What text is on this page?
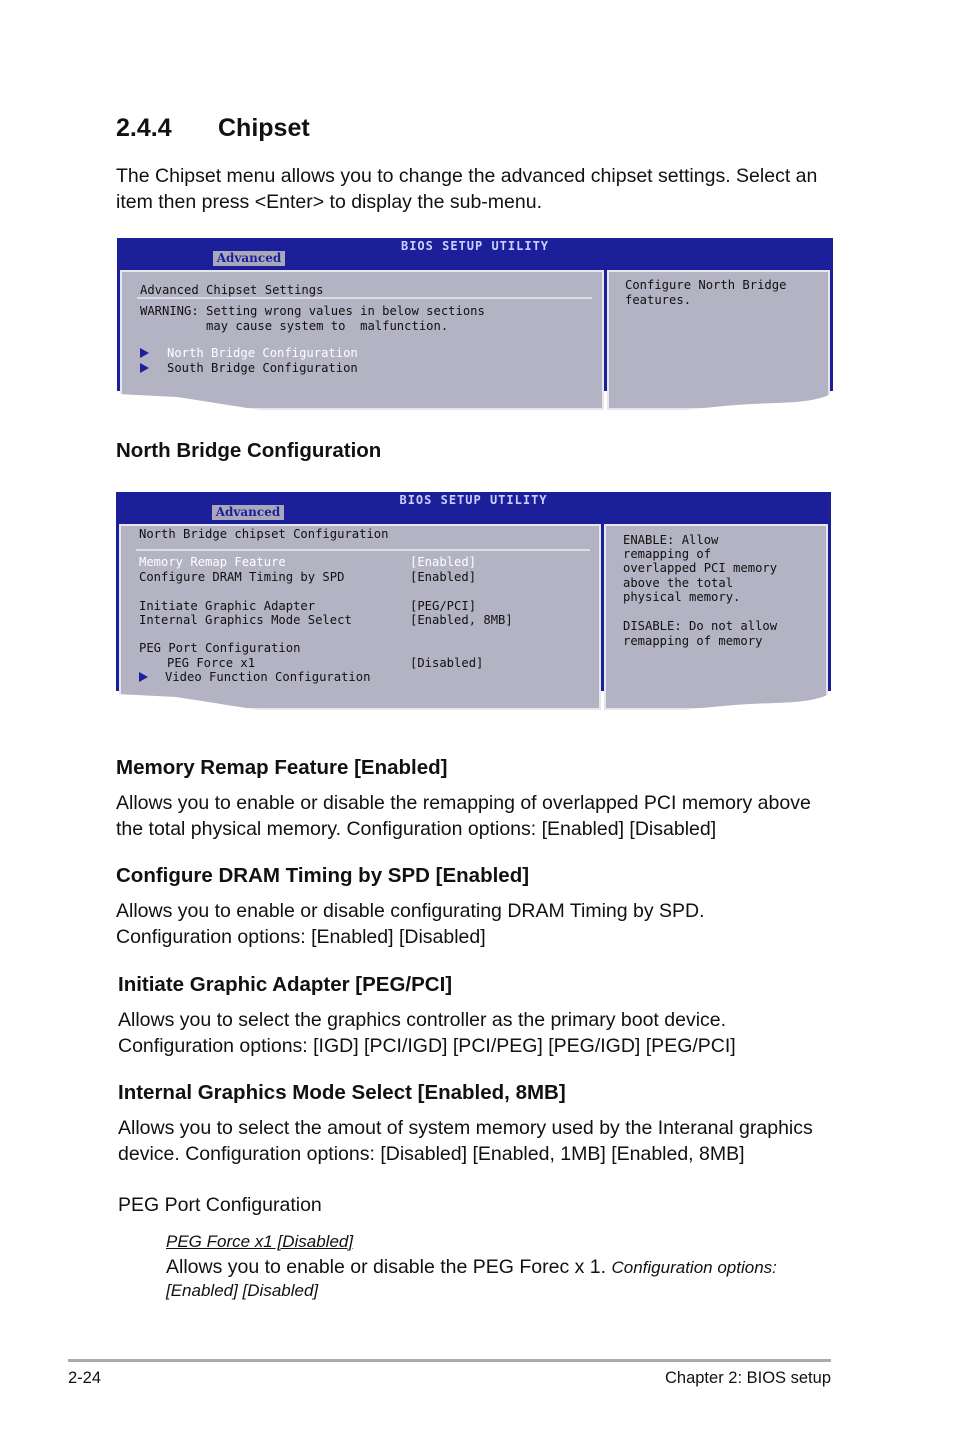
2.4.4 Chipset

The Chipset menu allows you to change the advanced chipset settings. Select an
item then press <Enter> to display the sub-menu.

BIOS SETUP UTILITY
Advanced
Advanced Chipset Settings
WARNING: Setting wrong values in below sections
may cause system to  malfunction.
North Bridge Configuration
South Bridge Configuration
Configure North Bridge
features.
North Bridge Configuration
BIOS SETUP UTILITY
Advanced
North Bridge chipset Configuration
Memory Remap Feature	[Enabled]
Configure DRAM Timing by SPD	[Enabled]
Initiate Graphic Adapter	[PEG/PCI]
Internal Graphics Mode Select	[Enabled, 8MB]
PEG Port Configuration
PEG Force x1	[Disabled]
Video Function Configuration
ENABLE: Allow
remapping of
overlapped PCI memory
above the total
physical memory.
DISABLE: Do not allow
remapping of memory
Memory Remap Feature [Enabled]

Allows you to enable or disable the remapping of overlapped PCI memory above
the total physical memory. Configuration options: [Enabled] [Disabled]

Configure DRAM Timing by SPD [Enabled]

Allows you to enable or disable configurating DRAM Timing by SPD.
Configuration options: [Enabled] [Disabled]

Initiate Graphic Adapter [PEG/PCI]

Allows you to select the graphics controller as the primary boot device.
Configuration options: [IGD] [PCI/IGD] [PCI/PEG] [PEG/IGD] [PEG/PCI]

Internal Graphics Mode Select [Enabled, 8MB]

Allows you to select the amout of system memory used by the Interanal graphics
device. Configuration options: [Disabled] [Enabled, 1MB] [Enabled, 8MB]

PEG Port Configuration

PEG Force x1 [Disabled]
Allows you to enable or disable the PEG Forec x 1. Configuration options:
[Enabled] [Disabled]
2-24	Chapter 2: BIOS setup
